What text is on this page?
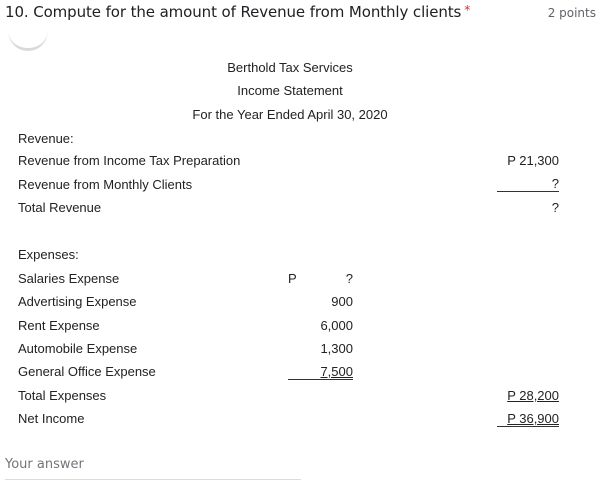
10. Compute for the amount of Revenue from Monthly clients *	2 points
Berthold Tax Services
Income Statement
For the Year Ended April 30, 2020
Revenue:
Revenue from Income Tax Preparation	P 21,300
Revenue from Monthly Clients	?
Total Revenue	?
Expenses:
Salaries Expense	P	?
Advertising Expense	900
Rent Expense	6,000
Automobile Expense	1,300
General Office Expense	7,500
Total Expenses	P 28,200
Net Income	P 36,900
Your answer
